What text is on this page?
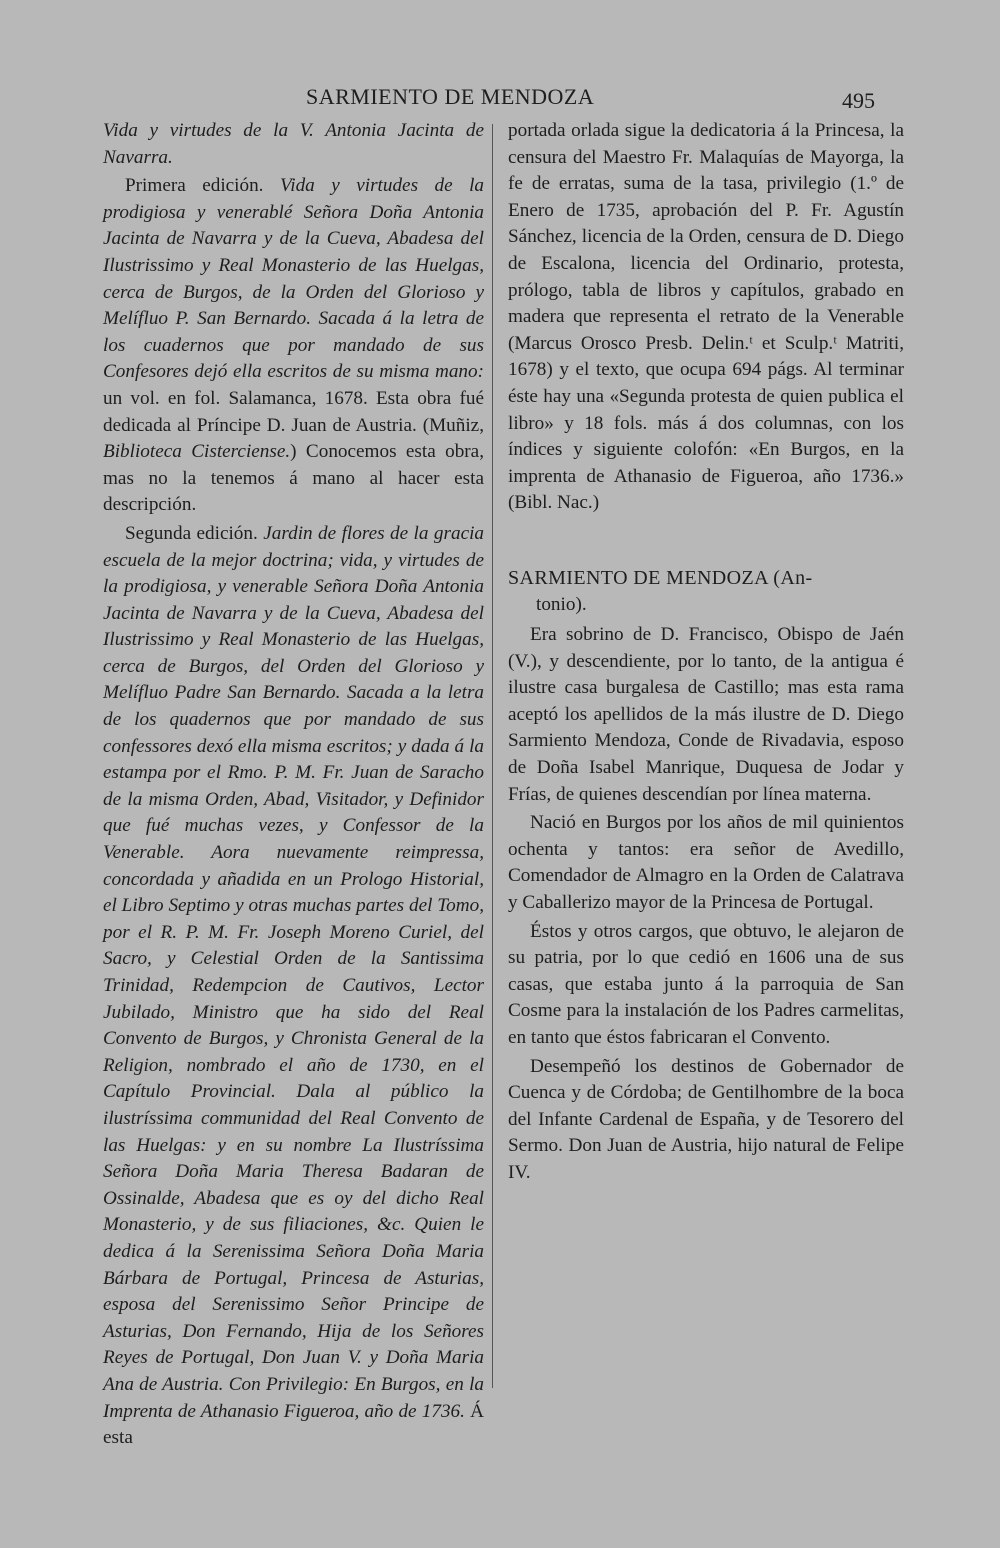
SARMIENTO DE MENDOZA	495

Vida y virtudes de la V. Antonia Jacinta de Navarra.

Primera edición. Vida y virtudes de la prodigiosa y venerablé Señora Doña Antonia Jacinta de Navarra y de la Cueva, Abadesa del Ilustrissimo y Real Monasterio de las Huelgas, cerca de Burgos, de la Orden del Glorioso y Melífluo P. San Bernardo. Sacada á la letra de los cuadernos que por mandado de sus Confesores dejó ella escritos de su misma mano: un vol. en fol. Salamanca, 1678. Esta obra fué dedicada al Príncipe D. Juan de Austria. (Muñiz, Biblioteca Cisterciense.) Conocemos esta obra, mas no la tenemos á mano al hacer esta descripción.

Segunda edición. Jardin de flores de la gracia escuela de la mejor doctrina; vida, y virtudes de la prodigiosa, y venerable Señora Doña Antonia Jacinta de Navarra y de la Cueva, Abadesa del Ilustrissimo y Real Monasterio de las Huelgas, cerca de Burgos, del Orden del Glorioso y Melífluo Padre San Bernardo. Sacada a la letra de los quadernos que por mandado de sus confessores dexó ella misma escritos; y dada á la estampa por el Rmo. P. M. Fr. Juan de Saracho de la misma Orden, Abad, Visitador, y Definidor que fué muchas vezes, y Confessor de la Venerable. Aora nuevamente reimpressa, concordada y añadida en un Prologo Historial, el Libro Septimo y otras muchas partes del Tomo, por el R. P. M. Fr. Joseph Moreno Curiel, del Sacro, y Celestial Orden de la Santissima Trinidad, Redempcion de Cautivos, Lector Jubilado, Ministro que ha sido del Real Convento de Burgos, y Chronista General de la Religion, nombrado el año de 1730, en el Capítulo Provincial. Dala al público la ilustríssima communidad del Real Convento de las Huelgas: y en su nombre La Ilustríssima Señora Doña Maria Theresa Badaran de Ossinalde, Abadesa que es oy del dicho Real Monasterio, y de sus filiaciones, &c. Quien le dedica á la Serenissima Señora Doña Maria Bárbara de Portugal, Princesa de Asturias, esposa del Serenissimo Señor Principe de Asturias, Don Fernando, Hija de los Señores Reyes de Portugal, Don Juan V. y Doña Maria Ana de Austria. Con Privilegio: En Burgos, en la Imprenta de Athanasio Figueroa, año de 1736. Á esta

portada orlada sigue la dedicatoria á la Princesa, la censura del Maestro Fr. Malaquías de Mayorga, la fe de erratas, suma de la tasa, privilegio (1.º de Enero de 1735, aprobación del P. Fr. Agustín Sánchez, licencia de la Orden, censura de D. Diego de Escalona, licencia del Ordinario, protesta, prólogo, tabla de libros y capítulos, grabado en madera que representa el retrato de la Venerable (Marcus Orosco Presb. Delin.ᵗ et Sculp.ᵗ Matriti, 1678) y el texto, que ocupa 694 págs. Al terminar éste hay una «Segunda protesta de quien publica el libro» y 18 fols. más á dos columnas, con los índices y siguiente colofón: «En Burgos, en la imprenta de Athanasio de Figueroa, año 1736.» (Bibl. Nac.)

SARMIENTO DE MENDOZA (An-

tonio).

Era sobrino de D. Francisco, Obispo de Jaén (V.), y descendiente, por lo tanto, de la antigua é ilustre casa burgalesa de Castillo; mas esta rama aceptó los apellidos de la más ilustre de D. Diego Sarmiento Mendoza, Conde de Rivadavia, esposo de Doña Isabel Manrique, Duquesa de Jodar y Frías, de quienes descendían por línea materna.

Nació en Burgos por los años de mil quinientos ochenta y tantos: era señor de Avedillo, Comendador de Almagro en la Orden de Calatrava y Caballerizo mayor de la Princesa de Portugal.

Éstos y otros cargos, que obtuvo, le alejaron de su patria, por lo que cedió en 1606 una de sus casas, que estaba junto á la parroquia de San Cosme para la instalación de los Padres carmelitas, en tanto que éstos fabricaran el Convento.

Desempeñó los destinos de Gobernador de Cuenca y de Córdoba; de Gentilhombre de la boca del Infante Cardenal de España, y de Tesorero del Sermo. Don Juan de Austria, hijo natural de Felipe IV.
